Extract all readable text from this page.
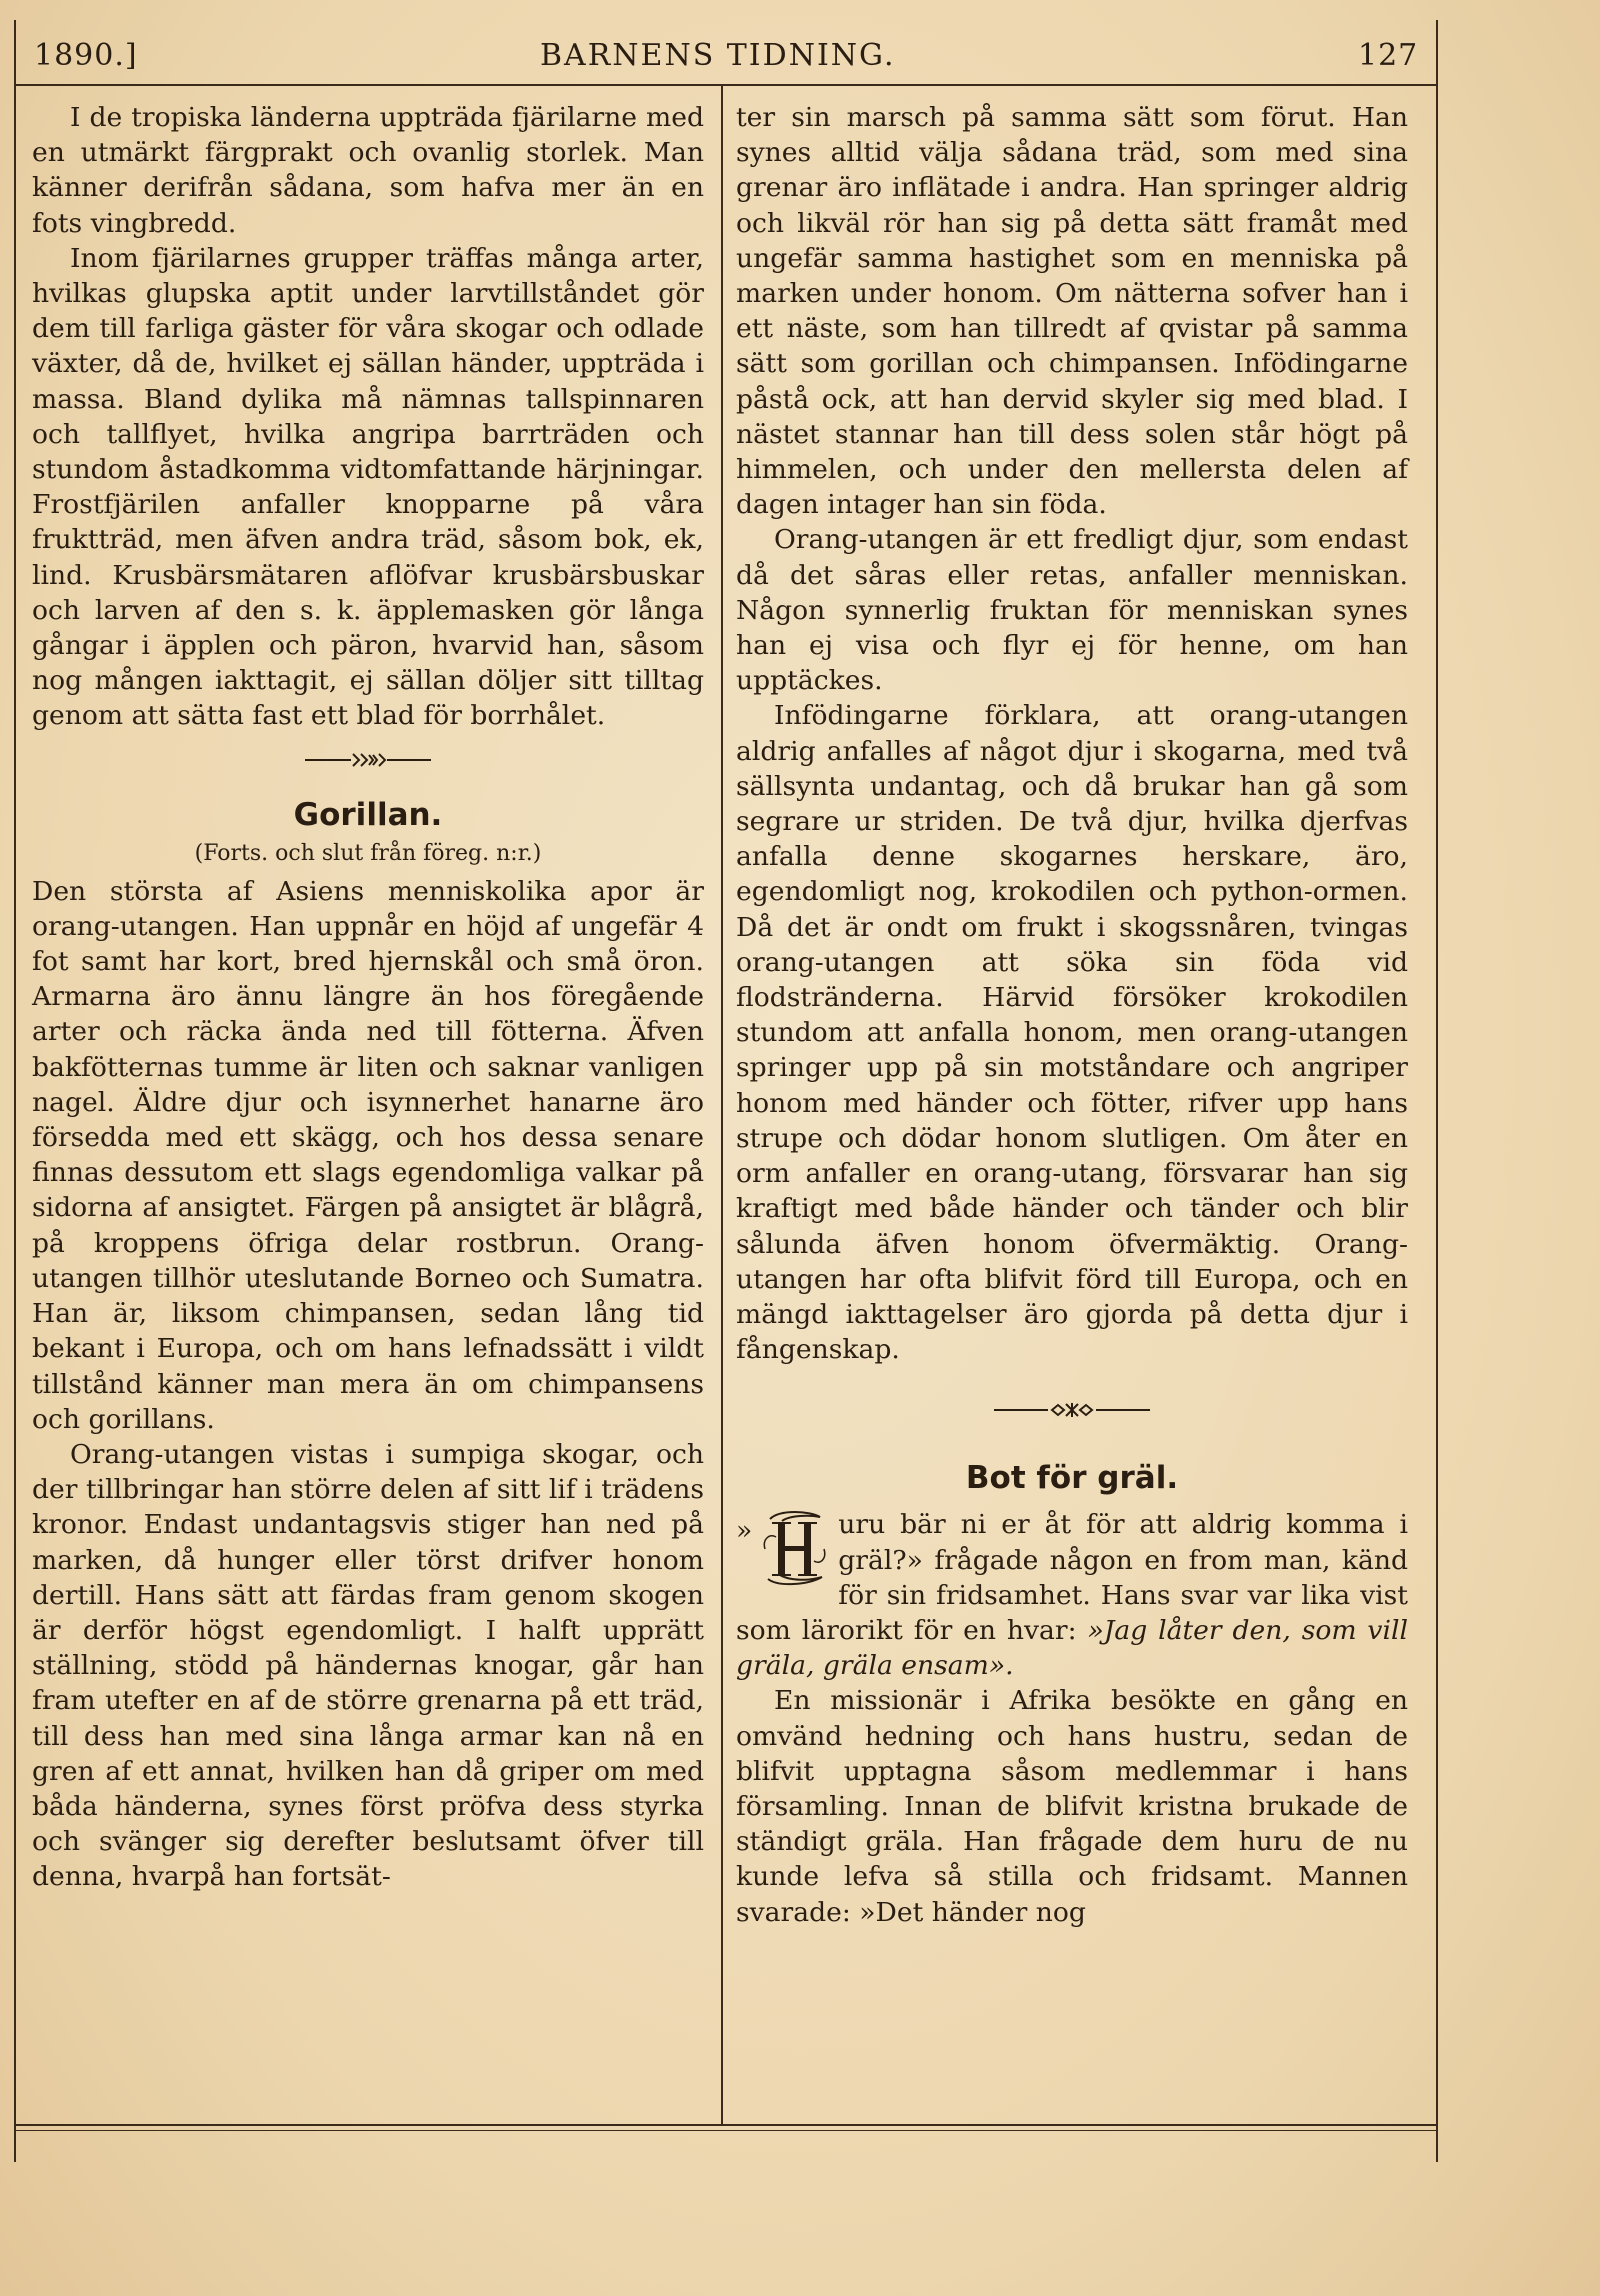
1890.]	BARNENS TIDNING.	127

I de tropiska länderna uppträda fjärilarne med en utmärkt färgprakt och ovanlig storlek. Man känner derifrån sådana, som hafva mer än en fots vingbredd.

Inom fjärilarnes grupper träffas många arter, hvilkas glupska aptit under larvtillståndet gör dem till farliga gäster för våra skogar och odlade växter, då de, hvilket ej sällan händer, uppträda i massa. Bland dylika må nämnas tallspinnaren och tallflyet, hvilka angripa barrträden och stundom åstadkomma vidtomfattande härjningar. Frostfjärilen anfaller knopparne på våra fruktträd, men äfven andra träd, såsom bok, ek, lind. Krusbärsmätaren aflöfvar krusbärsbuskar och larven af den s. k. äpplemasken gör långa gångar i äpplen och päron, hvarvid han, såsom nog mången iakttagit, ej sällan döljer sitt tilltag genom att sätta fast ett blad för borrhålet.

Gorillan.
(Forts. och slut från föreg. n:r.)

Den största af Asiens menniskolika apor är orang-utangen. Han uppnår en höjd af ungefär 4 fot samt har kort, bred hjernskål och små öron. Armarna äro ännu längre än hos föregående arter och räcka ända ned till fötterna. Äfven bakfötternas tumme är liten och saknar vanligen nagel. Äldre djur och isynnerhet hanarne äro försedda med ett skägg, och hos dessa senare finnas dessutom ett slags egendomliga valkar på sidorna af ansigtet. Färgen på ansigtet är blågrå, på kroppens öfriga delar rostbrun. Orang-utangen tillhör uteslutande Borneo och Sumatra. Han är, liksom chimpansen, sedan lång tid bekant i Europa, och om hans lefnadssätt i vildt tillstånd känner man mera än om chimpansens och gorillans.

Orang-utangen vistas i sumpiga skogar, och der tillbringar han större delen af sitt lif i trädens kronor. Endast undantagsvis stiger han ned på marken, då hunger eller törst drifver honom dertill. Hans sätt att färdas fram genom skogen är derför högst egendomligt. I halft upprätt ställning, stödd på händernas knogar, går han fram utefter en af de större grenarna på ett träd, till dess han med sina långa armar kan nå en gren af ett annat, hvilken han då griper om med båda händerna, synes först pröfva dess styrka och svänger sig derefter beslutsamt öfver till denna, hvarpå han fortsät-

ter sin marsch på samma sätt som förut. Han synes alltid välja sådana träd, som med sina grenar äro inflätade i andra. Han springer aldrig och likväl rör han sig på detta sätt framåt med ungefär samma hastighet som en menniska på marken under honom. Om nätterna sofver han i ett näste, som han tillredt af qvistar på samma sätt som gorillan och chimpansen. Infödingarne påstå ock, att han dervid skyler sig med blad. I nästet stannar han till dess solen står högt på himmelen, och under den mellersta delen af dagen intager han sin föda.

Orang-utangen är ett fredligt djur, som endast då det såras eller retas, anfaller menniskan. Någon synnerlig fruktan för menniskan synes han ej visa och flyr ej för henne, om han upptäckes.

Infödingarne förklara, att orang-utangen aldrig anfalles af något djur i skogarna, med två sällsynta undantag, och då brukar han gå som segrare ur striden. De två djur, hvilka djerfvas anfalla denne skogarnes herskare, äro, egendomligt nog, krokodilen och python-ormen. Då det är ondt om frukt i skogssnåren, tvingas orang-utangen att söka sin föda vid flodstränderna. Härvid försöker krokodilen stundom att anfalla honom, men orang-utangen springer upp på sin motståndare och angriper honom med händer och fötter, rifver upp hans strupe och dödar honom slutligen. Om åter en orm anfaller en orang-utang, försvarar han sig kraftigt med både händer och tänder och blir sålunda äfven honom öfvermäktig. Orang-utangen har ofta blifvit förd till Europa, och en mängd iakttagelser äro gjorda på detta djur i fångenskap.

Bot för gräl.

»	uru bär ni er åt för att aldrig komma i gräl?» frågade någon en from man, känd för sin fridsamhet. Hans svar var lika vist som lärorikt för en hvar: »Jag låter den, som vill gräla, gräla ensam».

En missionär i Afrika besökte en gång en omvänd hedning och hans hustru, sedan de blifvit upptagna såsom medlemmar i hans församling. Innan de blifvit kristna brukade de ständigt gräla. Han frågade dem huru de nu kunde lefva så stilla och fridsamt. Mannen svarade: »Det händer nog
